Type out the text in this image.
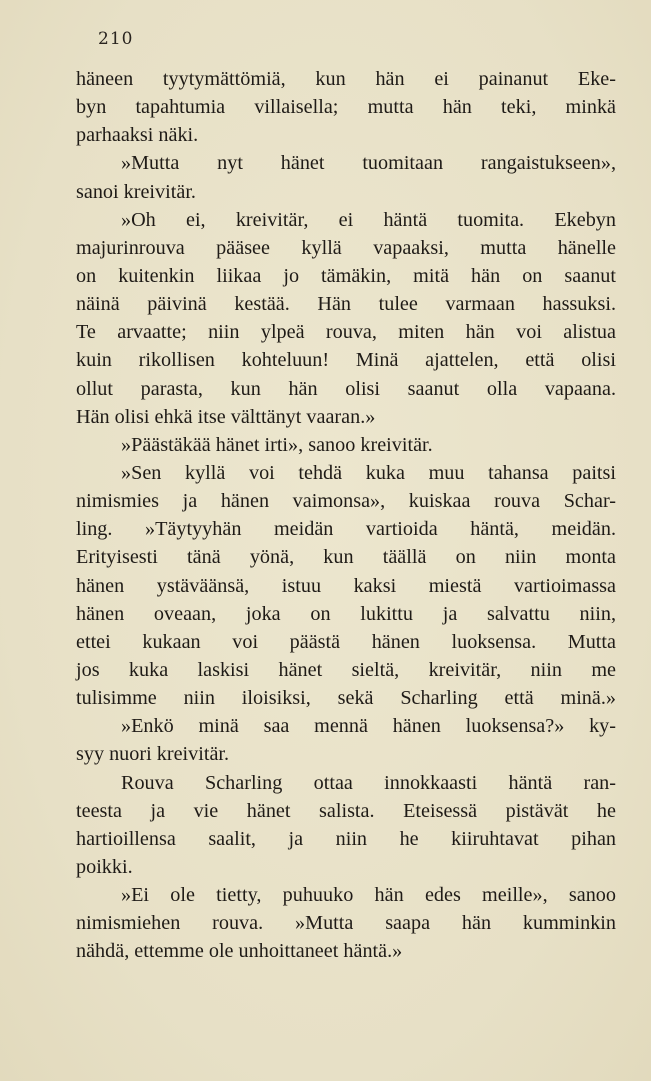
210
häneen tyytymättömiä, kun hän ei painanut Eke-
byn tapahtumia villaisella; mutta hän teki, minkä
parhaaksi näki.
»Mutta nyt hänet tuomitaan rangaistukseen»,
sanoi kreivitär.
»Oh ei, kreivitär, ei häntä tuomita. Ekebyn
majurinrouva pääsee kyllä vapaaksi, mutta hänelle
on kuitenkin liikaa jo tämäkin, mitä hän on saanut
näinä päivinä kestää. Hän tulee varmaan hassuksi.
Te arvaatte; niin ylpeä rouva, miten hän voi alistua
kuin rikollisen kohteluun! Minä ajattelen, että olisi
ollut parasta, kun hän olisi saanut olla vapaana.
Hän olisi ehkä itse välttänyt vaaran.»
»Päästäkää hänet irti», sanoo kreivitär.
»Sen kyllä voi tehdä kuka muu tahansa paitsi
nimismies ja hänen vaimonsa», kuiskaa rouva Schar-
ling. »Täytyyhän meidän vartioida häntä, meidän.
Erityisesti tänä yönä, kun täällä on niin monta
hänen ystäväänsä, istuu kaksi miestä vartioimassa
hänen oveaan, joka on lukittu ja salvattu niin,
ettei kukaan voi päästä hänen luoksensa. Mutta
jos kuka laskisi hänet sieltä, kreivitär, niin me
tulisimme niin iloisiksi, sekä Scharling että minä.»
»Enkö minä saa mennä hänen luoksensa?» ky-
syy nuori kreivitär.
Rouva Scharling ottaa innokkaasti häntä ran-
teesta ja vie hänet salista. Eteisessä pistävät he
hartioillensa saalit, ja niin he kiiruhtavat pihan
poikki.
»Ei ole tietty, puhuuko hän edes meille», sanoo
nimismiehen rouva. »Mutta saapa hän kumminkin
nähdä, ettemme ole unhoittaneet häntä.»
